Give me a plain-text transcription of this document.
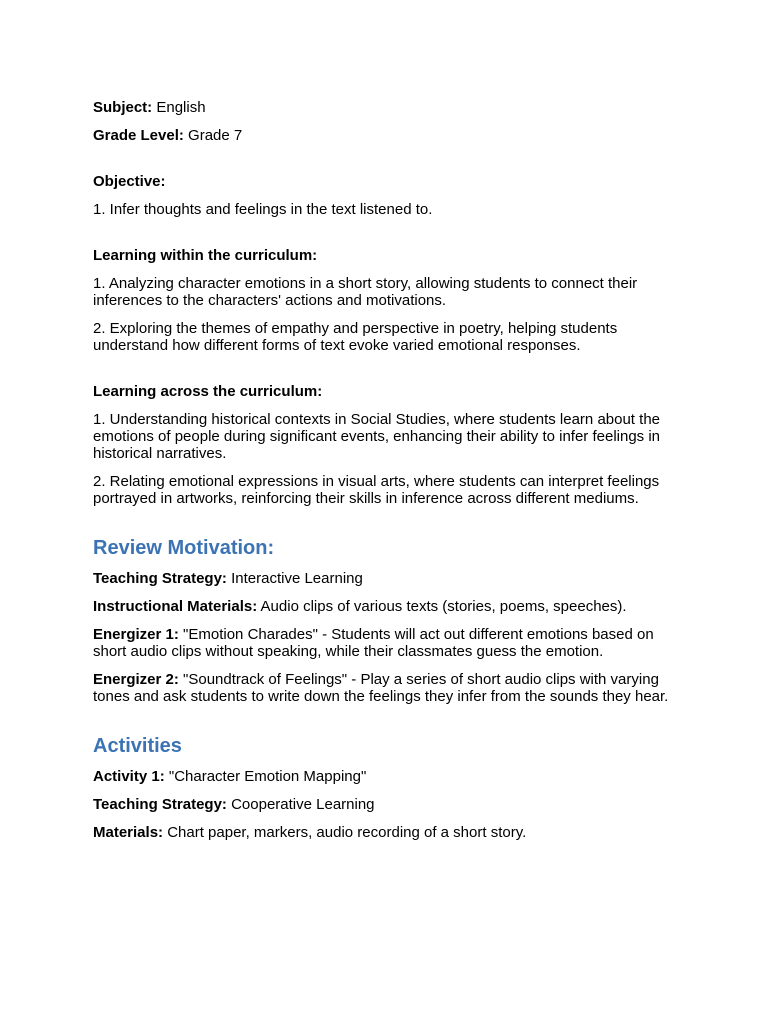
Subject: English

Grade Level: Grade 7

Objective:

1. Infer thoughts and feelings in the text listened to.

Learning within the curriculum:

1. Analyzing character emotions in a short story, allowing students to connect their inferences to the characters' actions and motivations.

2. Exploring the themes of empathy and perspective in poetry, helping students understand how different forms of text evoke varied emotional responses.

Learning across the curriculum:

1. Understanding historical contexts in Social Studies, where students learn about the emotions of people during significant events, enhancing their ability to infer feelings in historical narratives.

2. Relating emotional expressions in visual arts, where students can interpret feelings portrayed in artworks, reinforcing their skills in inference across different mediums.

Review Motivation:

Teaching Strategy: Interactive Learning

Instructional Materials: Audio clips of various texts (stories, poems, speeches).

Energizer 1: "Emotion Charades" - Students will act out different emotions based on short audio clips without speaking, while their classmates guess the emotion.

Energizer 2: "Soundtrack of Feelings" - Play a series of short audio clips with varying tones and ask students to write down the feelings they infer from the sounds they hear.

Activities

Activity 1: "Character Emotion Mapping"

Teaching Strategy: Cooperative Learning

Materials: Chart paper, markers, audio recording of a short story.
